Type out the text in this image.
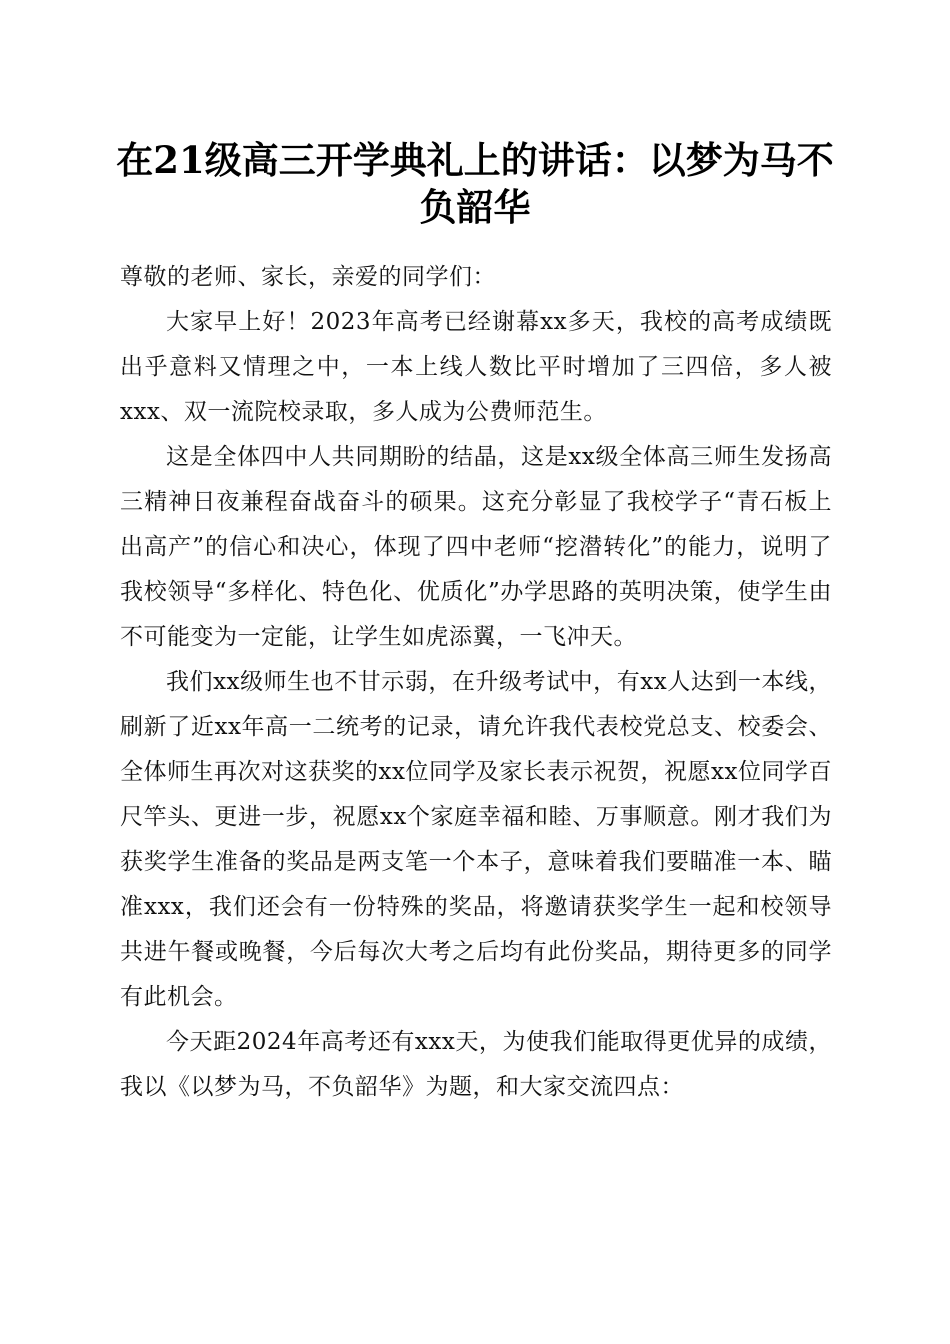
在21级高三开学典礼上的讲话：以梦为马不负韶华

尊敬的老师、家长，亲爱的同学们：

大家早上好！2023年高考已经谢幕xx多天，我校的高考成绩既出乎意料又情理之中，一本上线人数比平时增加了三四倍，多人被xxx、双一流院校录取，多人成为公费师范生。

这是全体四中人共同期盼的结晶，这是xx级全体高三师生发扬高三精神日夜兼程奋战奋斗的硕果。这充分彰显了我校学子“青石板上出高产”的信心和决心，体现了四中老师“挖潜转化”的能力，说明了我校领导“多样化、特色化、优质化”办学思路的英明决策，使学生由不可能变为一定能，让学生如虎添翼，一飞冲天。

我们xx级师生也不甘示弱，在升级考试中，有xx人达到一本线，刷新了近xx年高一二统考的记录，请允许我代表校党总支、校委会、全体师生再次对这获奖的xx位同学及家长表示祝贺，祝愿xx位同学百尺竿头、更进一步，祝愿xx个家庭幸福和睦、万事顺意。刚才我们为获奖学生准备的奖品是两支笔一个本子，意味着我们要瞄准一本、瞄准xxx，我们还会有一份特殊的奖品，将邀请获奖学生一起和校领导共进午餐或晚餐，今后每次大考之后均有此份奖品，期待更多的同学有此机会。

今天距2024年高考还有xxx天，为使我们能取得更优异的成绩，我以《以梦为马，不负韶华》为题，和大家交流四点：
